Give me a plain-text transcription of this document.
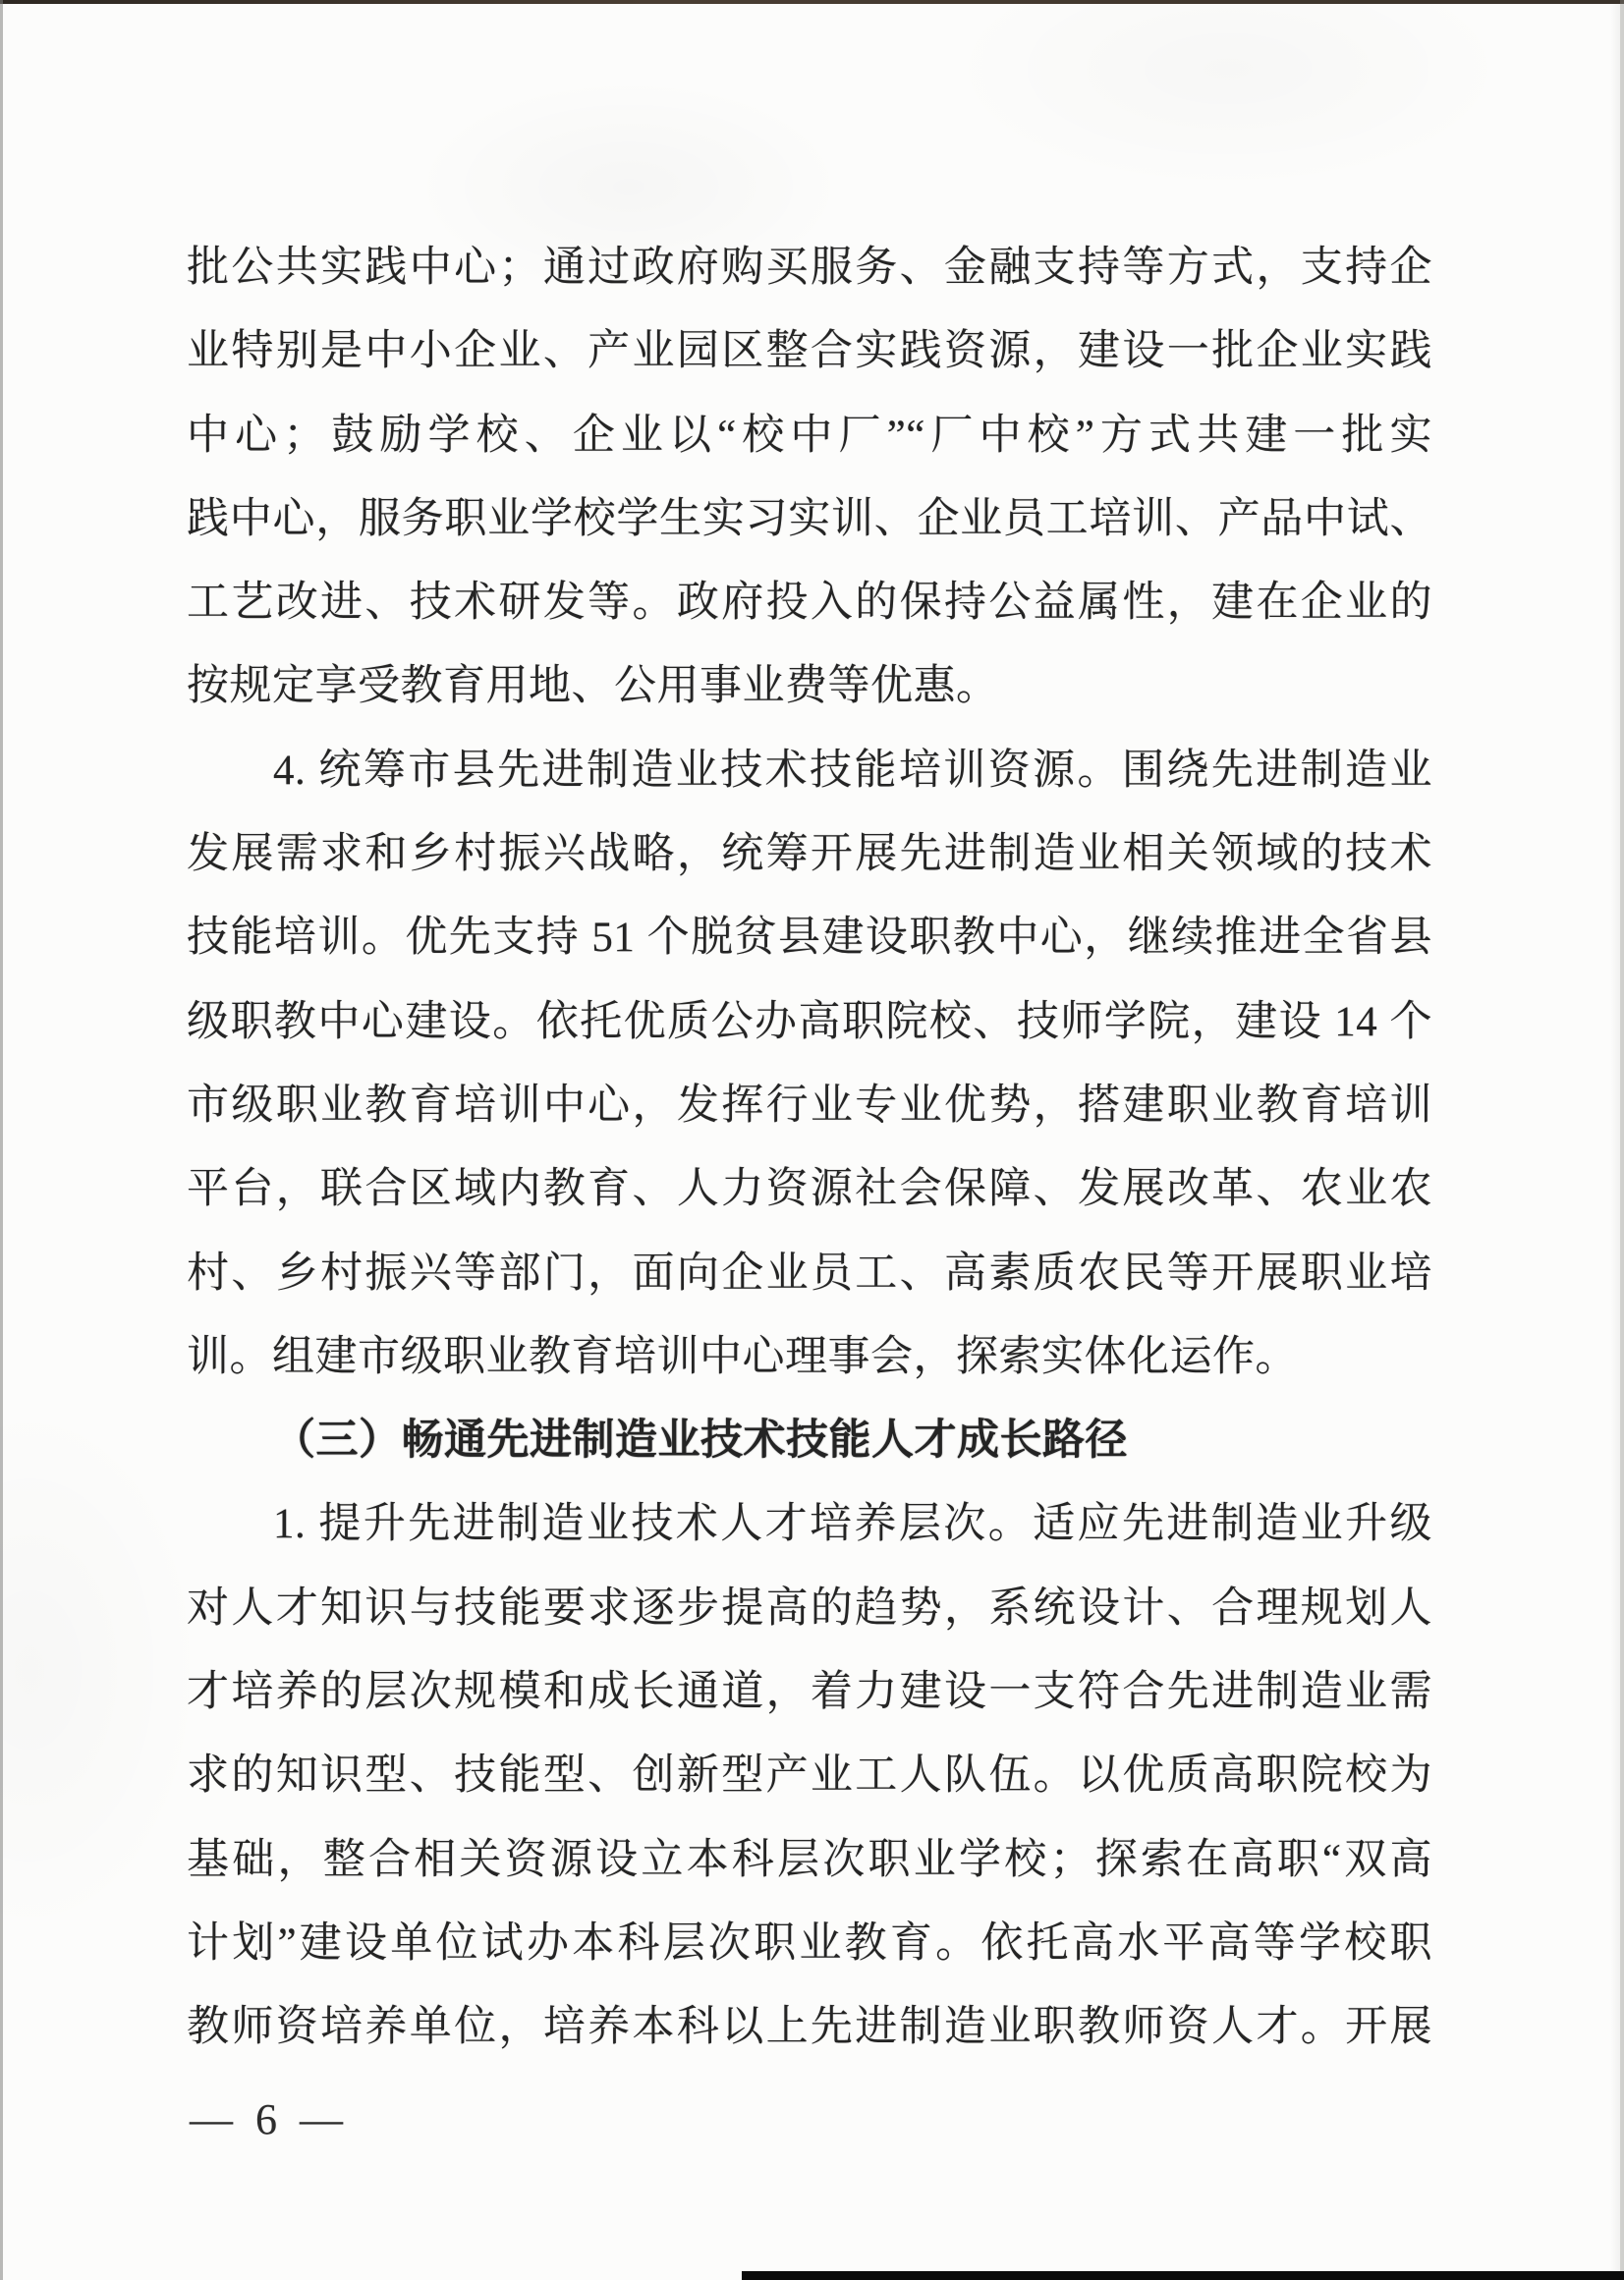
批公共实践中心；通过政府购买服务、金融支持等方式，支持企
业特别是中小企业、产业园区整合实践资源，建设一批企业实践
中心；鼓励学校、企业以“校中厂”“厂中校”方式共建一批实
践中心，服务职业学校学生实习实训、企业员工培训、产品中试、
工艺改进、技术研发等。政府投入的保持公益属性，建在企业的
按规定享受教育用地、公用事业费等优惠。
4. 统筹市县先进制造业技术技能培训资源。围绕先进制造业
发展需求和乡村振兴战略，统筹开展先进制造业相关领域的技术
技能培训。优先支持 51 个脱贫县建设职教中心，继续推进全省县
级职教中心建设。依托优质公办高职院校、技师学院，建设 14 个
市级职业教育培训中心，发挥行业专业优势，搭建职业教育培训
平台，联合区域内教育、人力资源社会保障、发展改革、农业农
村、乡村振兴等部门，面向企业员工、高素质农民等开展职业培
训。组建市级职业教育培训中心理事会，探索实体化运作。
（三）畅通先进制造业技术技能人才成长路径
1. 提升先进制造业技术人才培养层次。适应先进制造业升级
对人才知识与技能要求逐步提高的趋势，系统设计、合理规划人
才培养的层次规模和成长通道，着力建设一支符合先进制造业需
求的知识型、技能型、创新型产业工人队伍。以优质高职院校为
基础，整合相关资源设立本科层次职业学校；探索在高职“双高
计划”建设单位试办本科层次职业教育。依托高水平高等学校职
教师资培养单位，培养本科以上先进制造业职教师资人才。开展
— 6 —
